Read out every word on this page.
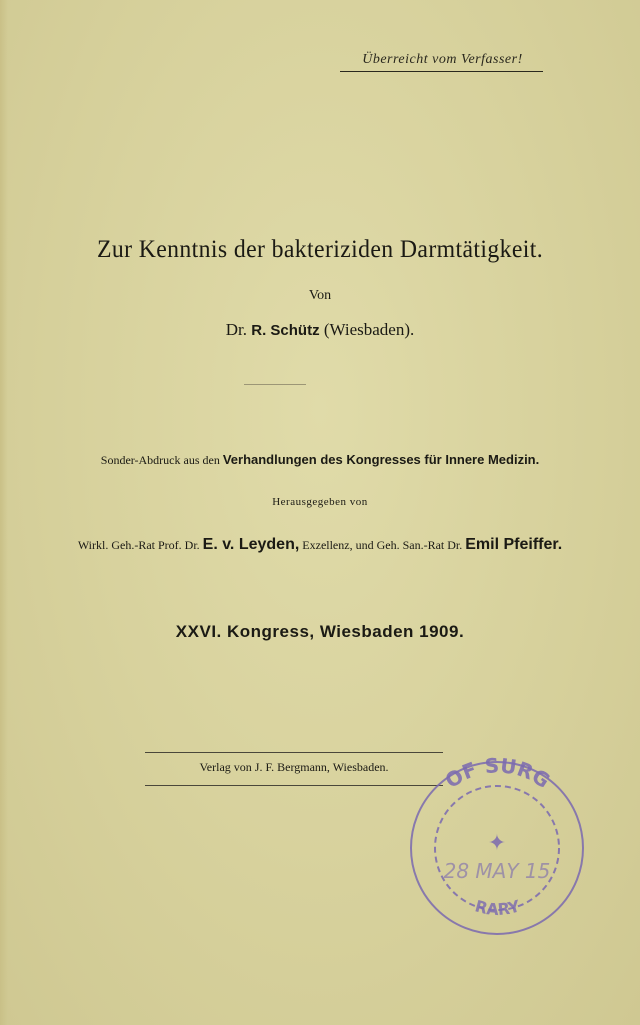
Überreicht vom Verfasser!
Zur Kenntnis der bakteriziden Darmtätigkeit.
Von
Dr. R. Schütz (Wiesbaden).
Sonder-Abdruck aus den Verhandlungen des Kongresses für Innere Medizin.
Herausgegeben von
Wirkl. Geh.-Rat Prof. Dr. E. v. Leyden, Exzellenz, und Geh. San.-Rat Dr. Emil Pfeiffer.
XXVI. Kongress, Wiesbaden 1909.
Verlag von J. F. Bergmann, Wiesbaden.	OF SURG
28 MAY 15
RARY
✦
